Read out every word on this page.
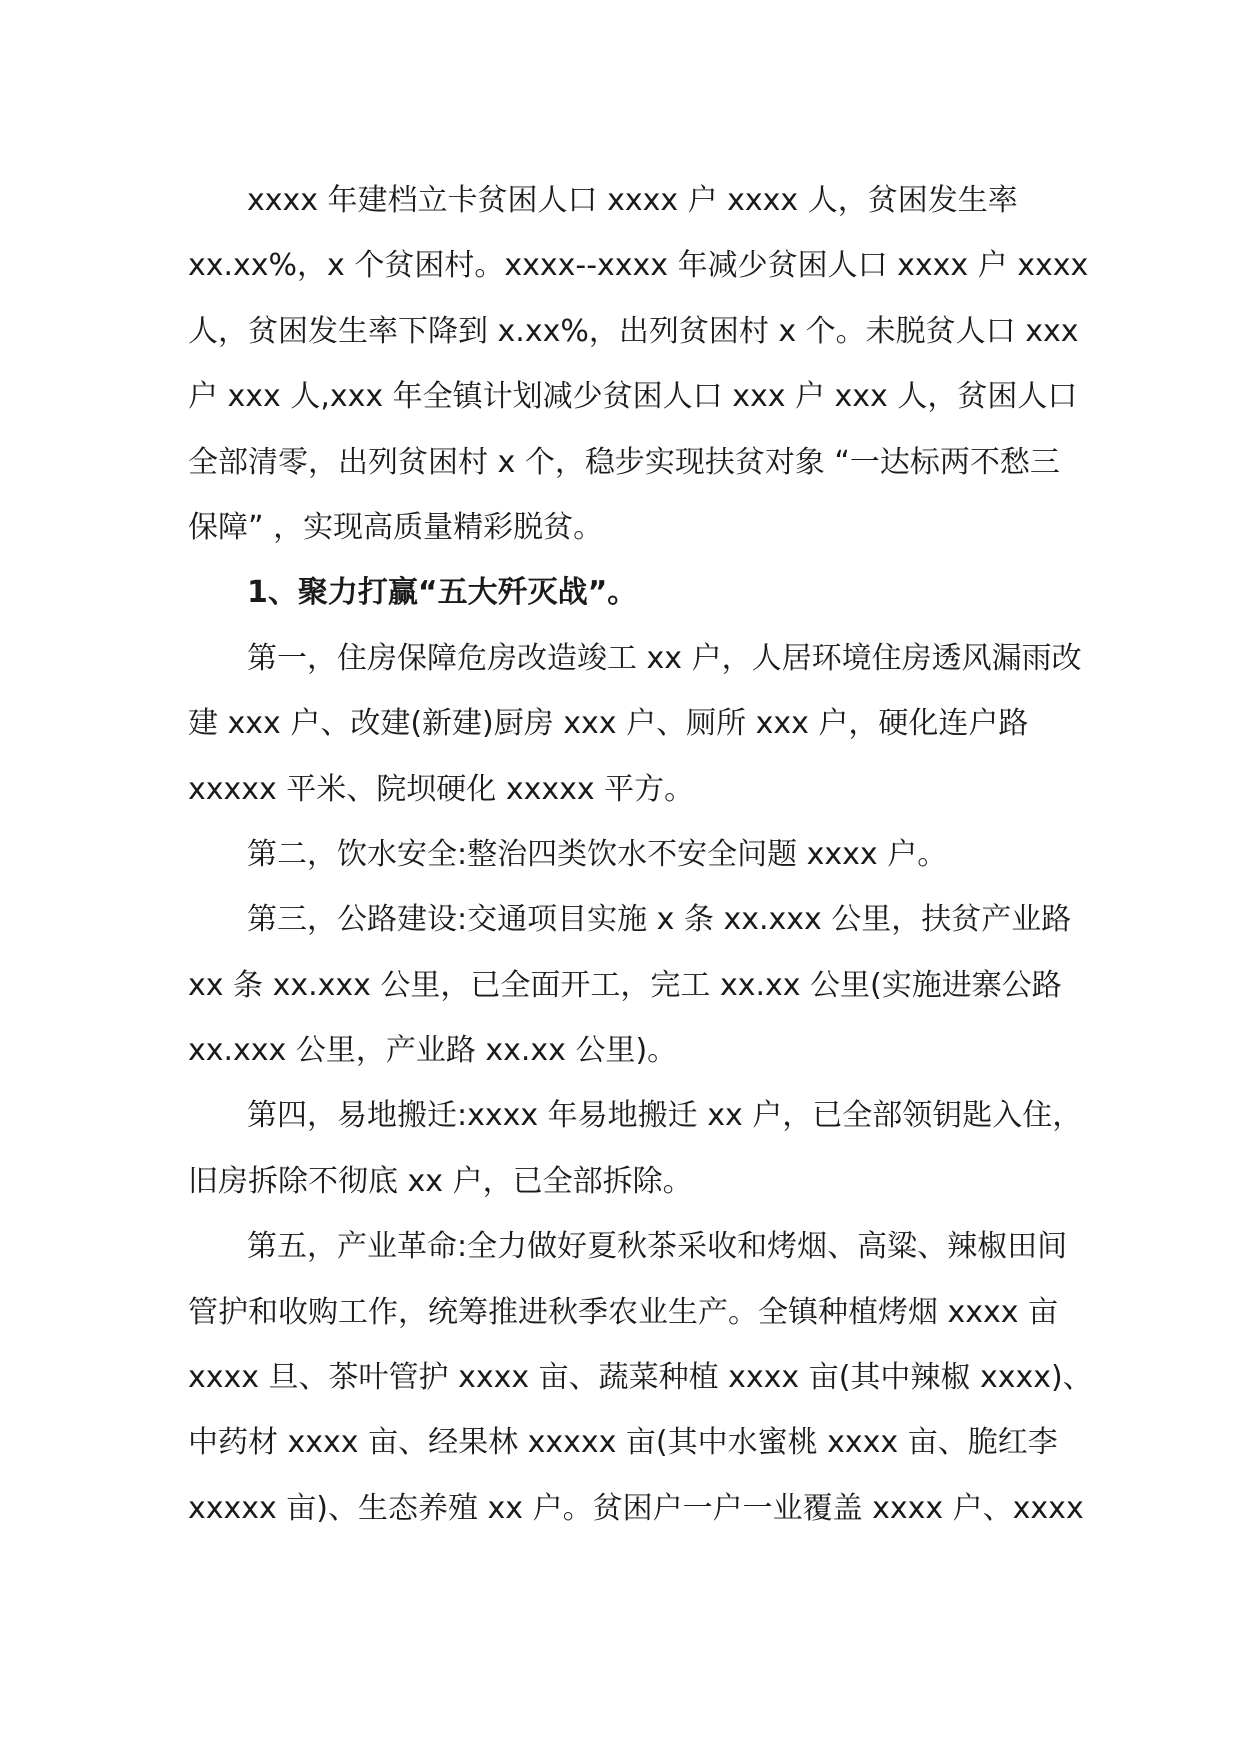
xxxx 年建档立卡贫困人口 xxxx 户 xxxx 人，贫困发生率
xx.xx%，x 个贫困村。xxxx--xxxx 年减少贫困人口 xxxx 户 xxxx
人，贫困发生率下降到 x.xx%，出列贫困村 x 个。未脱贫人口 xxx
户 xxx 人,xxx 年全镇计划减少贫困人口 xxx 户 xxx 人，贫困人口
全部清零，出列贫困村 x 个，稳步实现扶贫对象 “一达标两不愁三
保障” ，实现高质量精彩脱贫。
1、聚力打赢“五大歼灭战”。
第一，住房保障危房改造竣工 xx 户，人居环境住房透风漏雨改
建 xxx 户、改建(新建)厨房 xxx 户、厕所 xxx 户，硬化连户路
xxxxx 平米、院坝硬化 xxxxx 平方。
第二，饮水安全:整治四类饮水不安全问题 xxxx 户。
第三，公路建设:交通项目实施 x 条 xx.xxx 公里，扶贫产业路
xx 条 xx.xxx 公里，已全面开工，完工 xx.xx 公里(实施进寨公路
xx.xxx 公里，产业路 xx.xx 公里)。
第四，易地搬迁:xxxx 年易地搬迁 xx 户，已全部领钥匙入住，
旧房拆除不彻底 xx 户，已全部拆除。
第五，产业革命:全力做好夏秋茶采收和烤烟、高粱、辣椒田间
管护和收购工作，统筹推进秋季农业生产。全镇种植烤烟 xxxx 亩
xxxx 旦、茶叶管护 xxxx 亩、蔬菜种植 xxxx 亩(其中辣椒 xxxx)、
中药材 xxxx 亩、经果林 xxxxx 亩(其中水蜜桃 xxxx 亩、脆红李
xxxxx 亩)、生态养殖 xx 户。贫困户一户一业覆盖 xxxx 户、xxxx
